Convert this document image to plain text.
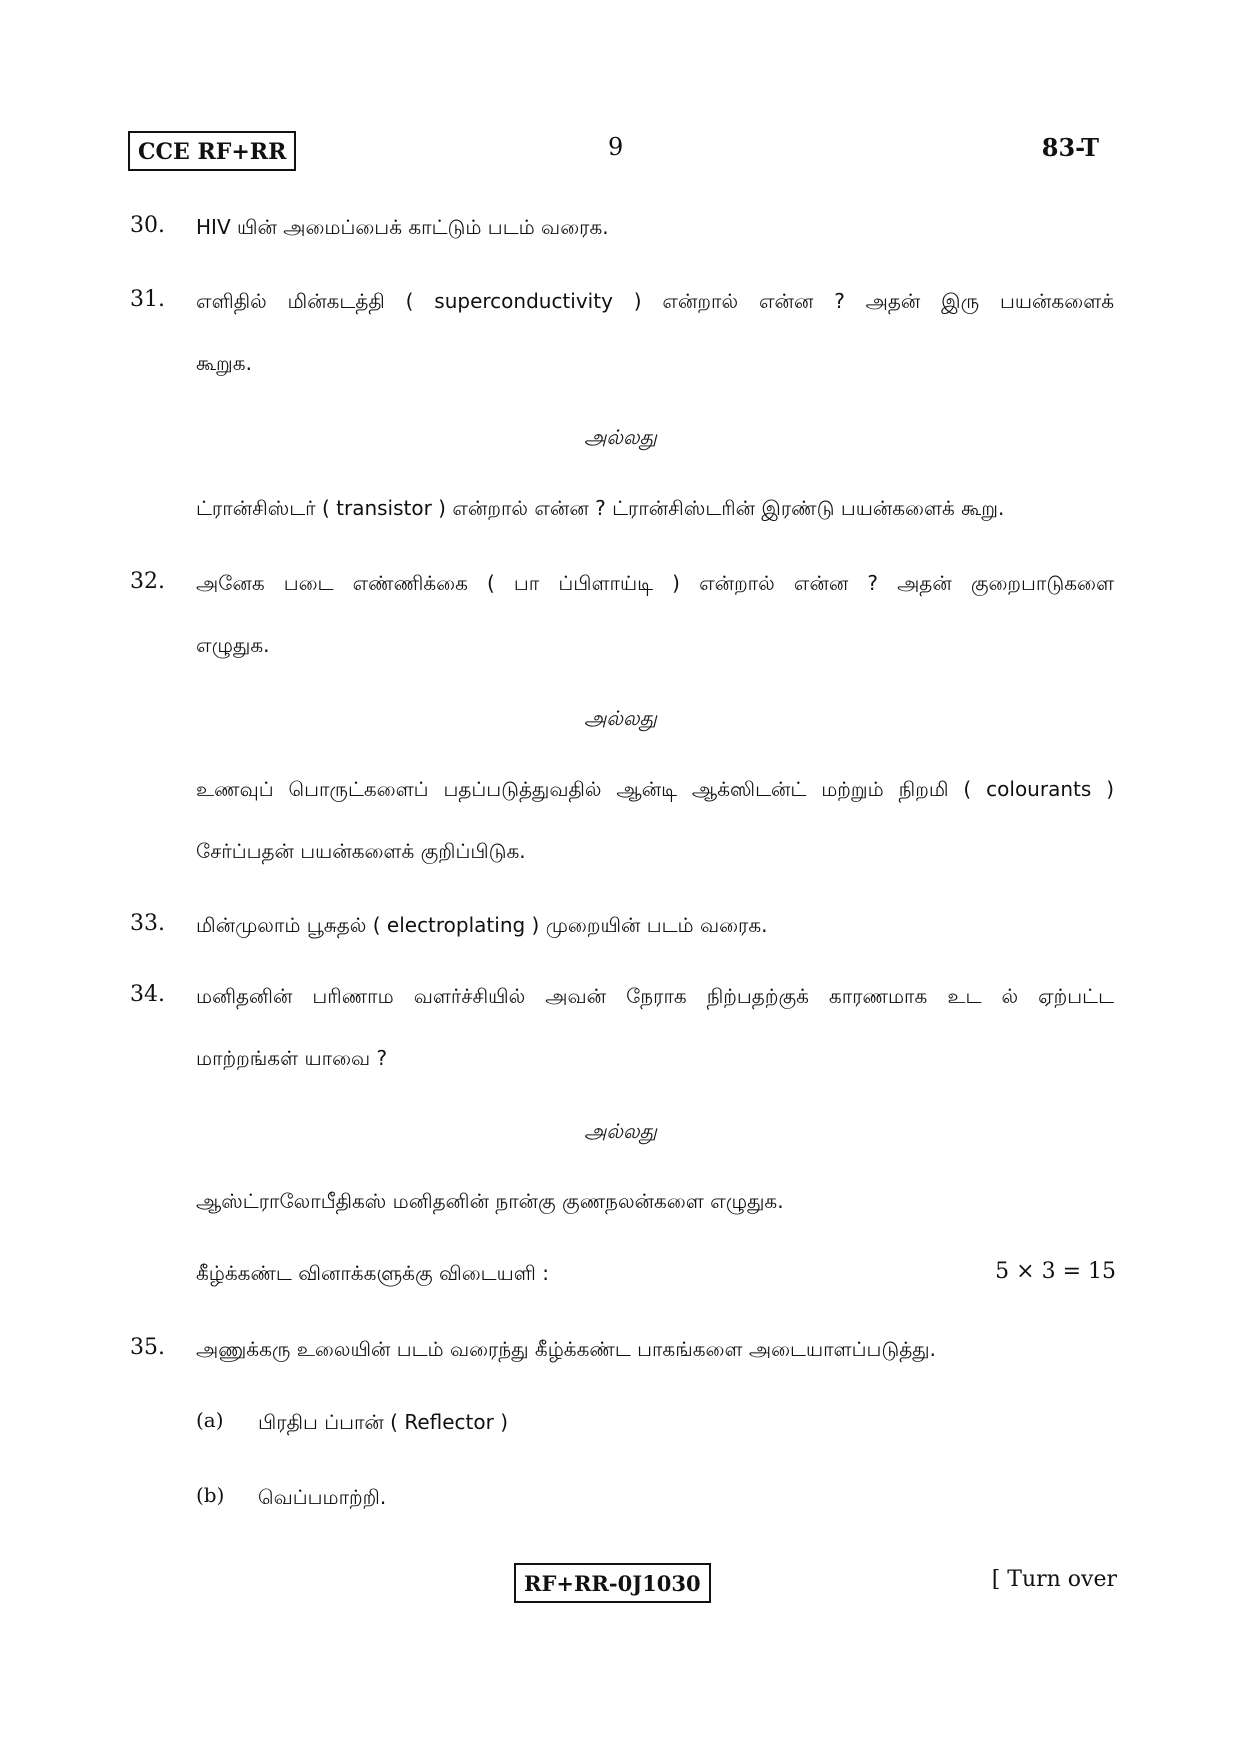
CCE RF+RR	9	83-T
30.	HIV யின் அமைப்பைக் காட்டும் படம் வரைக.
31.	எளிதில் மின்கடத்தி ( superconductivity ) என்றால் என்ன ? அதன் இரு பயன்களைக்
கூறுக.
அல்லது
ட்ரான்சிஸ்டர் ( transistor ) என்றால் என்ன ? ட்ரான்சிஸ்டரின் இரண்டு பயன்களைக் கூறு.
32.	அனேக படை எண்ணிக்கை ( பா ப்பிளாய்டி ) என்றால் என்ன ? அதன் குறைபாடுகளை
எழுதுக.
அல்லது
உணவுப் பொருட்களைப் பதப்படுத்துவதில் ஆன்டி ஆக்ஸிடன்ட் மற்றும் நிறமி ( colourants )
சேர்ப்பதன் பயன்களைக் குறிப்பிடுக.
33.	மின்முலாம் பூசுதல் ( electroplating ) முறையின் படம் வரைக.
34.	மனிதனின் பரிணாம வளர்ச்சியில் அவன் நேராக நிற்பதற்குக் காரணமாக உட ல் ஏற்பட்ட
மாற்றங்கள் யாவை ?
அல்லது
ஆஸ்ட்ராலோபீதிகஸ் மனிதனின் நான்கு குணநலன்களை எழுதுக.
கீழ்க்கண்ட வினாக்களுக்கு விடையளி :	5 × 3 = 15
35.	அணுக்கரு உலையின் படம் வரைந்து கீழ்க்கண்ட பாகங்களை அடையாளப்படுத்து.
(a) பிரதிப ப்பான் ( Reflector )
(b) வெப்பமாற்றி.
RF+RR-0J1030	[ Turn over
